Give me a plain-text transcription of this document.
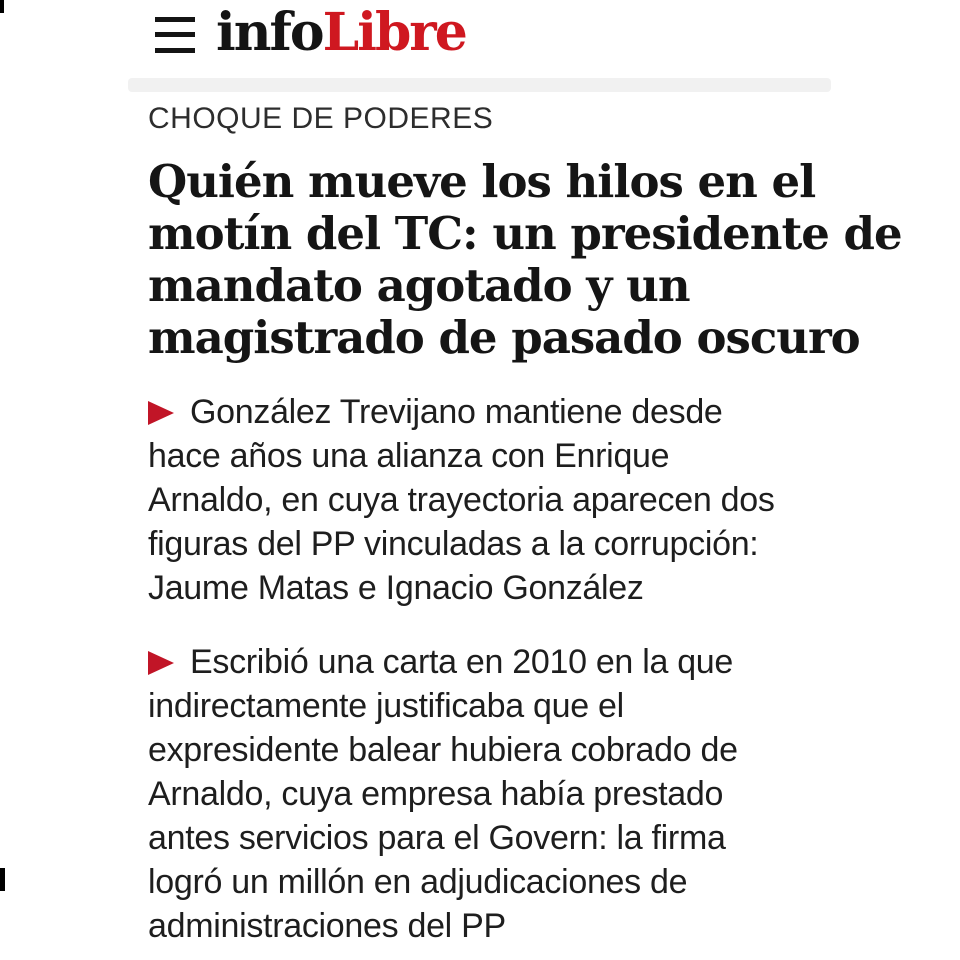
infoLibre
CHOQUE DE PODERES
Quién mueve los hilos en el
motín del TC: un presidente de
mandato agotado y un
magistrado de pasado oscuro
González Trevijano mantiene desde
hace años una alianza con Enrique
Arnaldo, en cuya trayectoria aparecen dos
figuras del PP vinculadas a la corrupción:
Jaume Matas e Ignacio González
Escribió una carta en 2010 en la que
indirectamente justificaba que el
expresidente balear hubiera cobrado de
Arnaldo, cuya empresa había prestado
antes servicios para el Govern: la firma
logró un millón en adjudicaciones de
administraciones del PP
